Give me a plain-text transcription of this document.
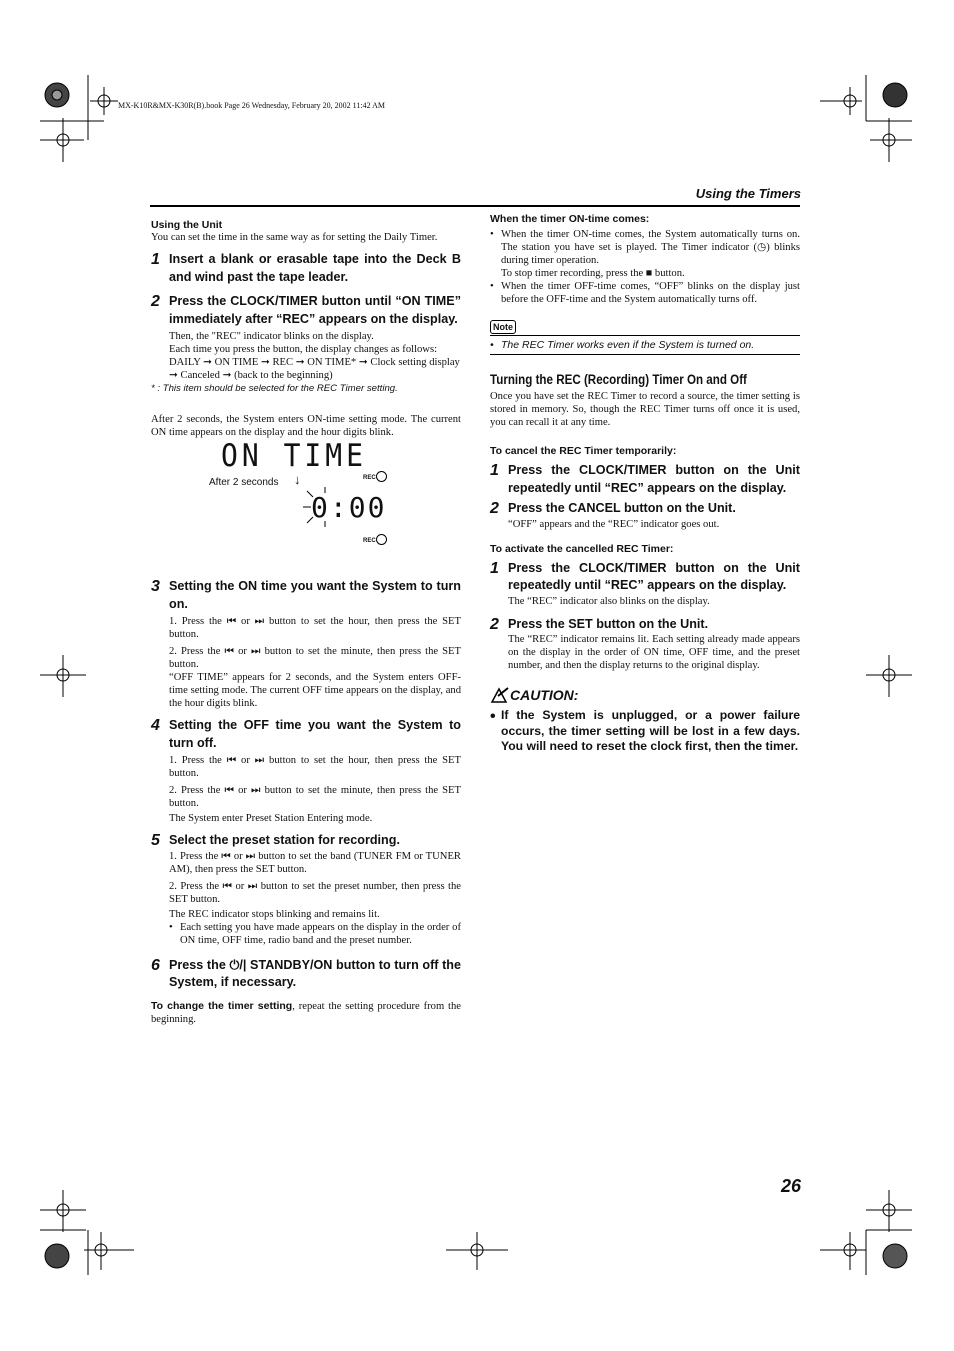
MX-K10R&MX-K30R(B).book Page 26 Wednesday, February 20, 2002 11:42 AM
Using the Timers
Using the Unit
You can set the time in the same way as for setting the Daily Timer.
1 Insert a blank or erasable tape into the Deck B and wind past the tape leader.
2 Press the CLOCK/TIMER button until “ON TIME” immediately after “REC” appears on the display.
Then, the "REC" indicator blinks on the display.
Each time you press the button, the display changes as follows:
DAILY ➞ ON TIME ➞ REC ➞ ON TIME* ➞ Clock setting display ➞ Canceled ➞ (back to the beginning)
* : This item should be selected for the REC Timer setting.
After 2 seconds, the System enters ON-time setting mode. The current ON time appears on the display and the hour digits blink.
ON TIME
After 2 seconds ↓
0:00
REC
REC
3 Setting the ON time you want the System to turn on.
1. Press the ⏮ or ⏭ button to set the hour, then press the SET button.
2. Press the ⏮ or ⏭ button to set the minute, then press the SET button.
“OFF TIME” appears for 2 seconds, and the System enters OFF-time setting mode. The current OFF time appears on the display, and the hour digits blink.
4 Setting the OFF time you want the System to turn off.
1. Press the ⏮ or ⏭ button to set the hour, then press the SET button.
2. Press the ⏮ or ⏭ button to set the minute, then press the SET button.
The System enter Preset Station Entering mode.
5 Select the preset station for recording.
1. Press the ⏮ or ⏭ button to set the band (TUNER FM or TUNER AM), then press the SET button.
2. Press the ⏮ or ⏭ button to set the preset number, then press the SET button.
The REC indicator stops blinking and remains lit.
• Each setting you have made appears on the display in the order of ON time, OFF time, radio band and the preset number.
6 Press the ⏻/| STANDBY/ON button to turn off the System, if necessary.
To change the timer setting, repeat the setting procedure from the beginning.
When the timer ON-time comes:
• When the timer ON-time comes, the System automatically turns on. The station you have set is played. The Timer indicator (◷) blinks during timer operation.
To stop timer recording, press the ■ button.
• When the timer OFF-time comes, “OFF” blinks on the display just before the OFF-time and the System automatically turns off.
Note
• The REC Timer works even if the System is turned on.
Turning the REC (Recording) Timer On and Off
Once you have set the REC Timer to record a source, the timer setting is stored in memory. So, though the REC Timer turns off once it is used, you can recall it at any time.
To cancel the REC Timer temporarily:
1 Press the CLOCK/TIMER button on the Unit repeatedly until “REC” appears on the display.
2 Press the CANCEL button on the Unit.
“OFF” appears and the “REC” indicator goes out.
To activate the cancelled REC Timer:
1 Press the CLOCK/TIMER button on the Unit repeatedly until “REC” appears on the display.
The “REC” indicator also blinks on the display.
2 Press the SET button on the Unit.
The “REC” indicator remains lit. Each setting already made appears on the display in the order of ON time, OFF time, and the preset number, and then the display returns to the original display.
CAUTION:
• If the System is unplugged, or a power failure occurs, the timer setting will be lost in a few days. You will need to reset the clock first, then the timer.
26
